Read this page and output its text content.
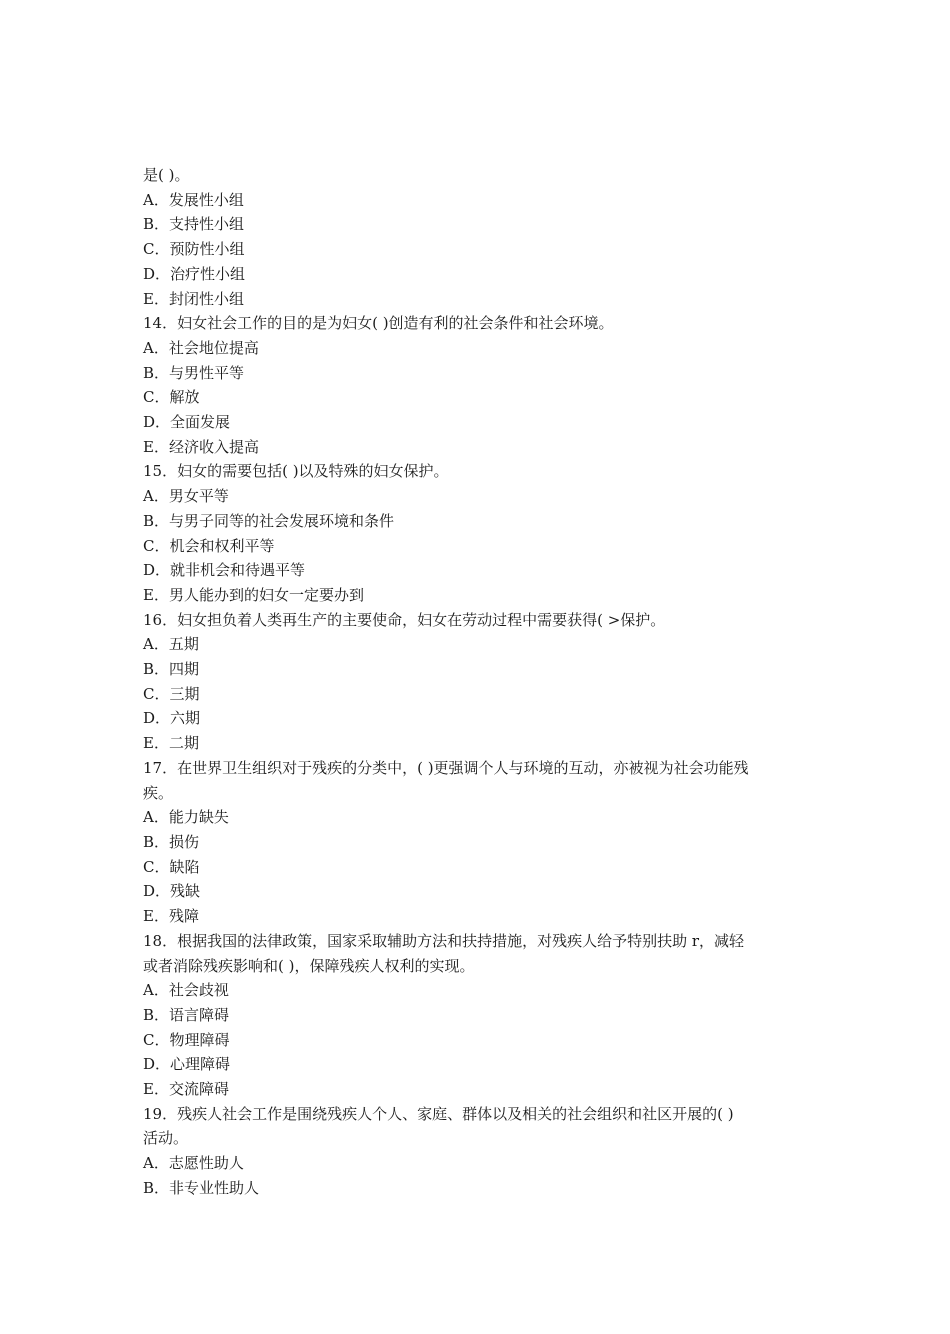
是( )。
A．发展性小组
B．支持性小组
C．预防性小组
D．治疗性小组
E．封闭性小组
14．妇女社会工作的目的是为妇女( )创造有利的社会条件和社会环境。
A．社会地位提高
B．与男性平等
C．解放
D．全面发展
E．经济收入提高
15．妇女的需要包括( )以及特殊的妇女保护。
A．男女平等
B．与男子同等的社会发展环境和条件
C．机会和权利平等
D．就非机会和待遇平等
E．男人能办到的妇女一定要办到
16．妇女担负着人类再生产的主要使命，妇女在劳动过程中需要获得( >保护。
A．五期
B．四期
C．三期
D．六期
E．二期
17．在世界卫生组织对于残疾的分类中，( )更强调个人与环境的互动，亦被视为社会功能残
疾。
A．能力缺失
B．损伤
C．缺陷
D．残缺
E．残障
18．根据我国的法律政策，国家采取辅助方法和扶持措施，对残疾人给予特别扶助 r，减轻
或者消除残疾影响和( )，保障残疾人权利的实现。
A．社会歧视
B．语言障碍
C．物理障碍
D．心理障碍
E．交流障碍
19．残疾人社会工作是围绕残疾人个人、家庭、群体以及相关的社会组织和社区开展的( )
活动。
A．志愿性助人
B．非专业性助人
